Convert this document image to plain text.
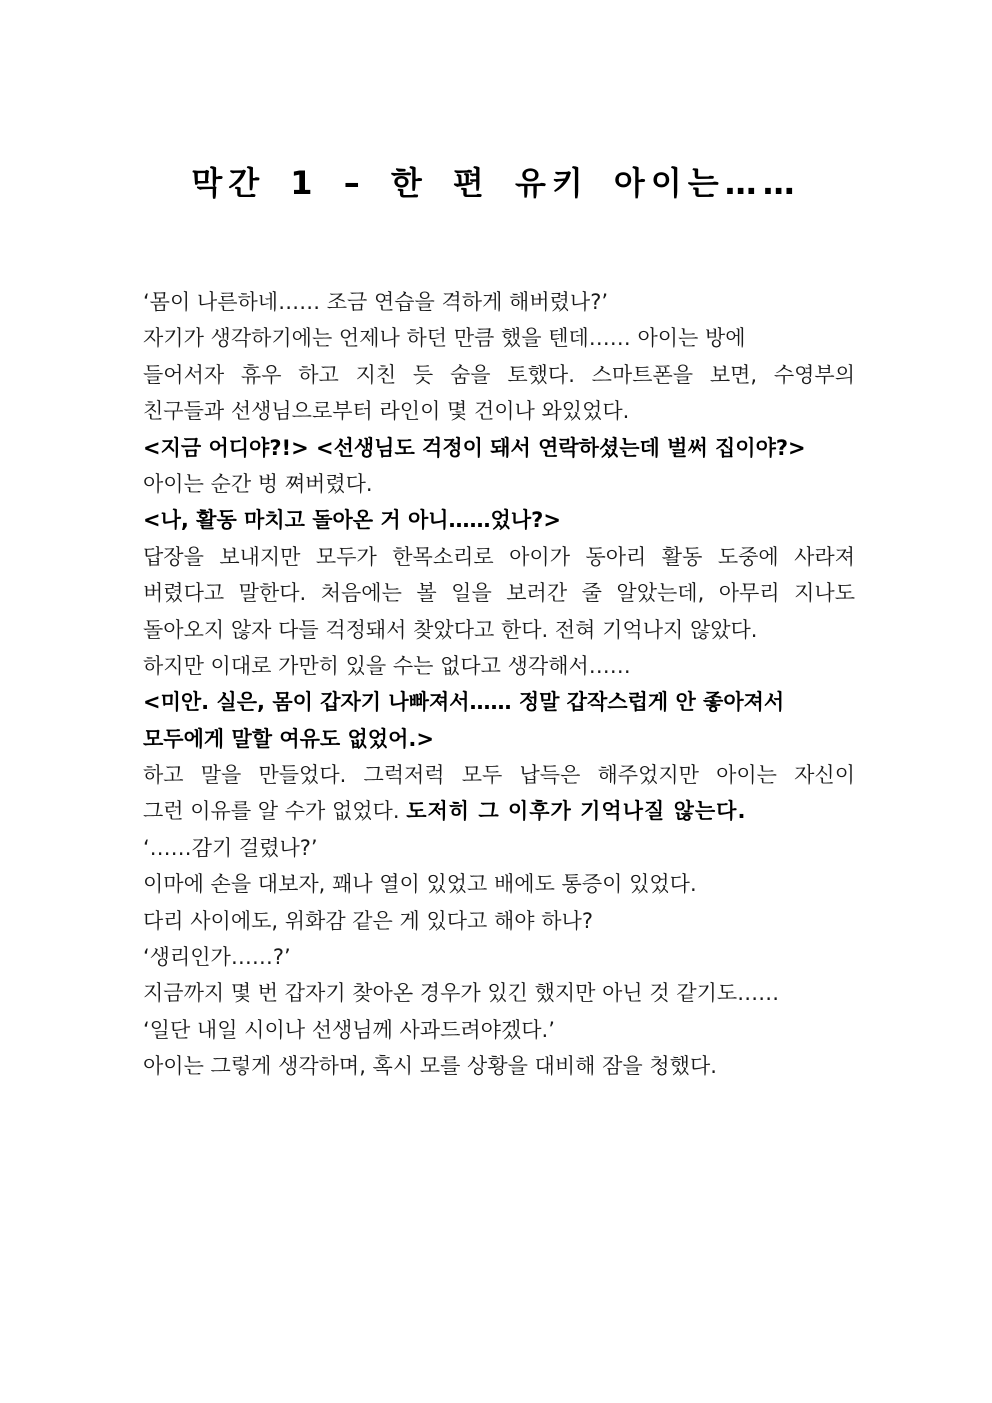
막간 1 – 한 편 유키 아이는……
‘몸이 나른하네…… 조금 연습을 격하게 해버렸나?’
자기가 생각하기에는 언제나 하던 만큼 했을 텐데…… 아이는 방에
들어서자 휴우 하고 지친 듯 숨을 토했다. 스마트폰을 보면, 수영부의
친구들과 선생님으로부터 라인이 몇 건이나 와있었다.
<지금 어디야?!> <선생님도 걱정이 돼서 연락하셨는데 벌써 집이야?>
아이는 순간 벙 쪄버렸다.
<나, 활동 마치고 돌아온 거 아니……었나?>
답장을 보내지만 모두가 한목소리로 아이가 동아리 활동 도중에 사라져
버렸다고 말한다. 처음에는 볼 일을 보러간 줄 알았는데, 아무리 지나도
돌아오지 않자 다들 걱정돼서 찾았다고 한다. 전혀 기억나지 않았다.
하지만 이대로 가만히 있을 수는 없다고 생각해서……
<미안. 실은, 몸이 갑자기 나빠져서…… 정말 갑작스럽게 안 좋아져서
모두에게 말할 여유도 없었어.>
하고 말을 만들었다. 그럭저럭 모두 납득은 해주었지만 아이는 자신이
그런 이유를 알 수가 없었다. 도저히 그 이후가 기억나질 않는다.
‘……감기 걸렸나?’
이마에 손을 대보자, 꽤나 열이 있었고 배에도 통증이 있었다.
다리 사이에도, 위화감 같은 게 있다고 해야 하나?
‘생리인가……?’
지금까지 몇 번 갑자기 찾아온 경우가 있긴 했지만 아닌 것 같기도……
‘일단 내일 시이나 선생님께 사과드려야겠다.’
아이는 그렇게 생각하며, 혹시 모를 상황을 대비해 잠을 청했다.
